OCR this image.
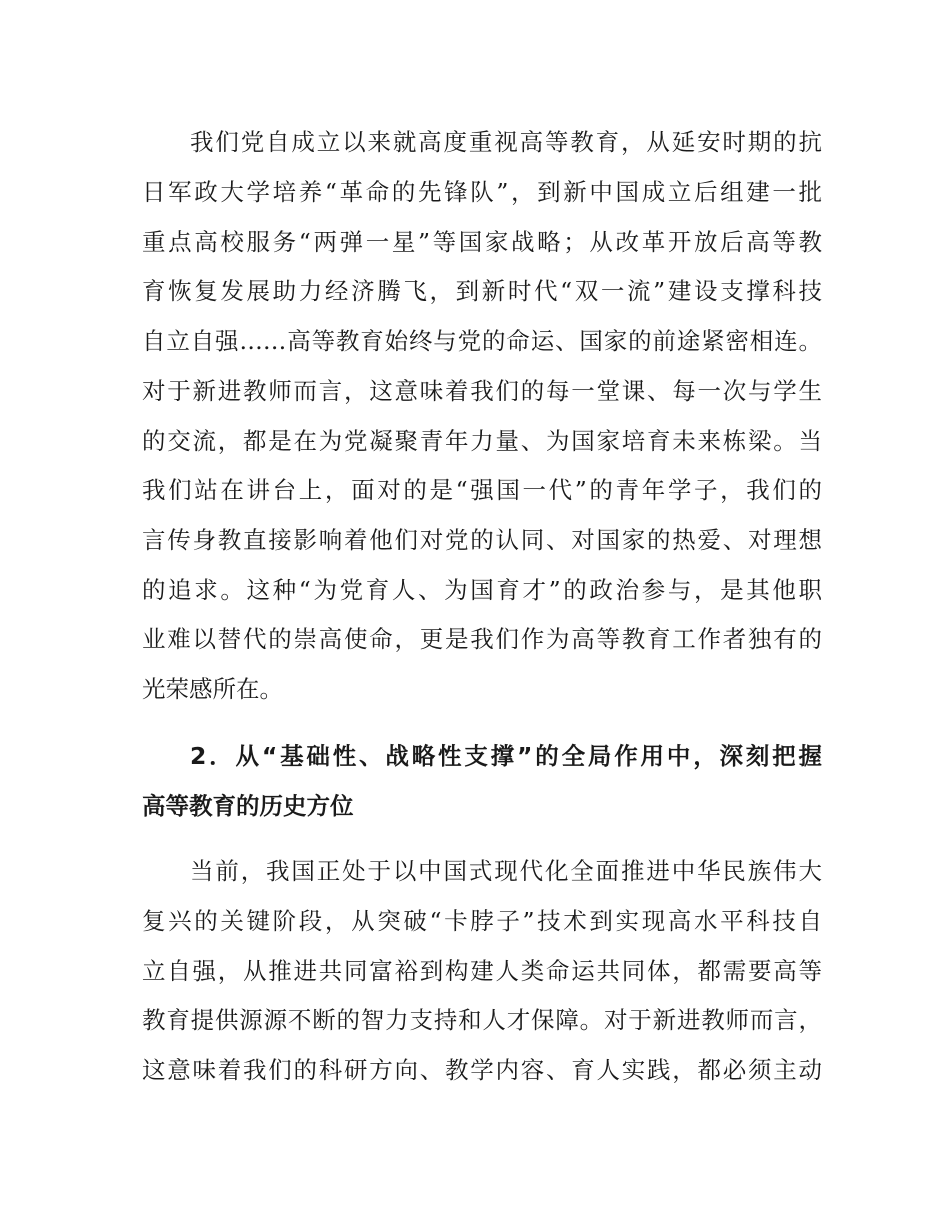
我们党自成立以来就高度重视高等教育，从延安时期的抗
日军政大学培养“革命的先锋队”，到新中国成立后组建一批
重点高校服务“两弹一星”等国家战略；从改革开放后高等教
育恢复发展助力经济腾飞，到新时代“双一流”建设支撑科技
自立自强……高等教育始终与党的命运、国家的前途紧密相连。
对于新进教师而言，这意味着我们的每一堂课、每一次与学生
的交流，都是在为党凝聚青年力量、为国家培育未来栋梁。当
我们站在讲台上，面对的是“强国一代”的青年学子，我们的
言传身教直接影响着他们对党的认同、对国家的热爱、对理想
的追求。这种“为党育人、为国育才”的政治参与，是其他职
业难以替代的崇高使命，更是我们作为高等教育工作者独有的
光荣感所在。
2．从“基础性、战略性支撑”的全局作用中，深刻把握
高等教育的历史方位
当前，我国正处于以中国式现代化全面推进中华民族伟大
复兴的关键阶段，从突破“卡脖子”技术到实现高水平科技自
立自强，从推进共同富裕到构建人类命运共同体，都需要高等
教育提供源源不断的智力支持和人才保障。对于新进教师而言，
这意味着我们的科研方向、教学内容、育人实践，都必须主动
